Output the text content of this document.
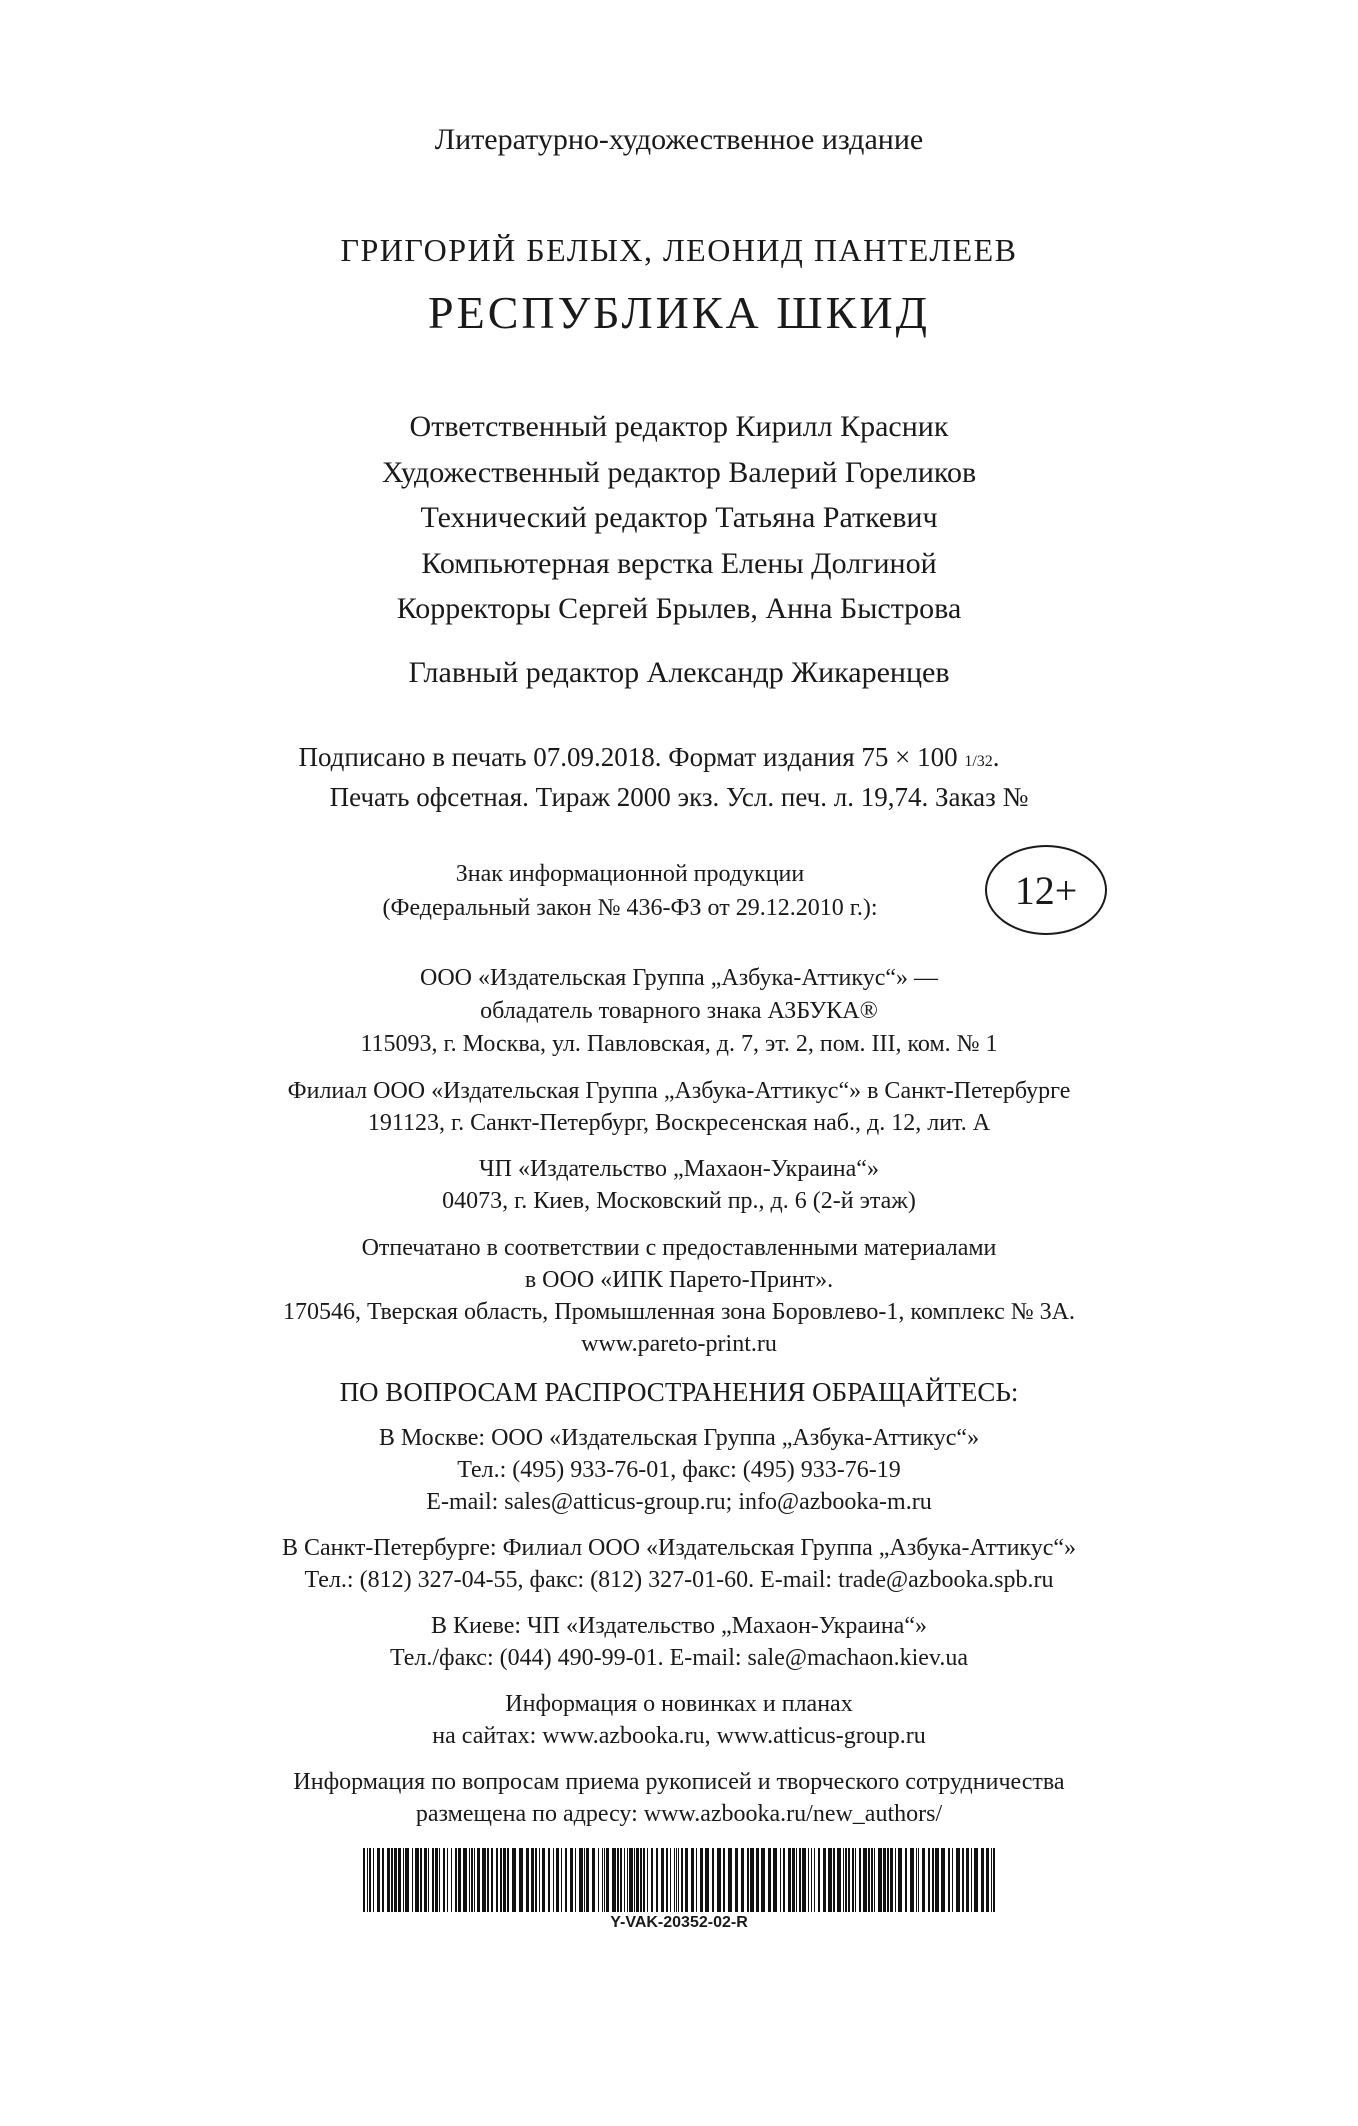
Литературно-художественное издание
ГРИГОРИЙ БЕЛЫХ, ЛЕОНИД ПАНТЕЛЕЕВ
РЕСПУБЛИКА ШКИД
Ответственный редактор Кирилл Красник
Художественный редактор Валерий Гореликов
Технический редактор Татьяна Раткевич
Компьютерная верстка Елены Долгиной
Корректоры Сергей Брылев, Анна Быстрова
Главный редактор Александр Жикаренцев
Подписано в печать 07.09.2018. Формат издания 75 × 100 1/32.
Печать офсетная. Тираж 2000 экз. Усл. печ. л. 19,74. Заказ №
Знак информационной продукции
(Федеральный закон № 436-ФЗ от 29.12.2010 г.):	12+
ООО «Издательская Группа „Азбука-Аттикус“» —
обладатель товарного знака АЗБУКА®
115093, г. Москва, ул. Павловская, д. 7, эт. 2, пом. III, ком. № 1
Филиал ООО «Издательская Группа „Азбука-Аттикус“» в Санкт-Петербурге
191123, г. Санкт-Петербург, Воскресенская наб., д. 12, лит. А
ЧП «Издательство „Махаон-Украина“»
04073, г. Киев, Московский пр., д. 6 (2-й этаж)
Отпечатано в соответствии с предоставленными материалами
в ООО «ИПК Парето-Принт».
170546, Тверская область, Промышленная зона Боровлево-1, комплекс № 3А.
www.pareto-print.ru
ПО ВОПРОСАМ РАСПРОСТРАНЕНИЯ ОБРАЩАЙТЕСЬ:
В Москве: ООО «Издательская Группа „Азбука-Аттикус“»
Тел.: (495) 933-76-01, факс: (495) 933-76-19
E-mail: sales@atticus-group.ru; info@azbooka-m.ru
В Санкт-Петербурге: Филиал ООО «Издательская Группа „Азбука-Аттикус“»
Тел.: (812) 327-04-55, факс: (812) 327-01-60. E-mail: trade@azbooka.spb.ru
В Киеве: ЧП «Издательство „Махаон-Украина“»
Тел./факс: (044) 490-99-01. E-mail: sale@machaon.kiev.ua
Информация о новинках и планах
на сайтах: www.azbooka.ru, www.atticus-group.ru
Информация по вопросам приема рукописей и творческого сотрудничества
размещена по адресу: www.azbooka.ru/new_authors/
Y-VAK-20352-02-R
